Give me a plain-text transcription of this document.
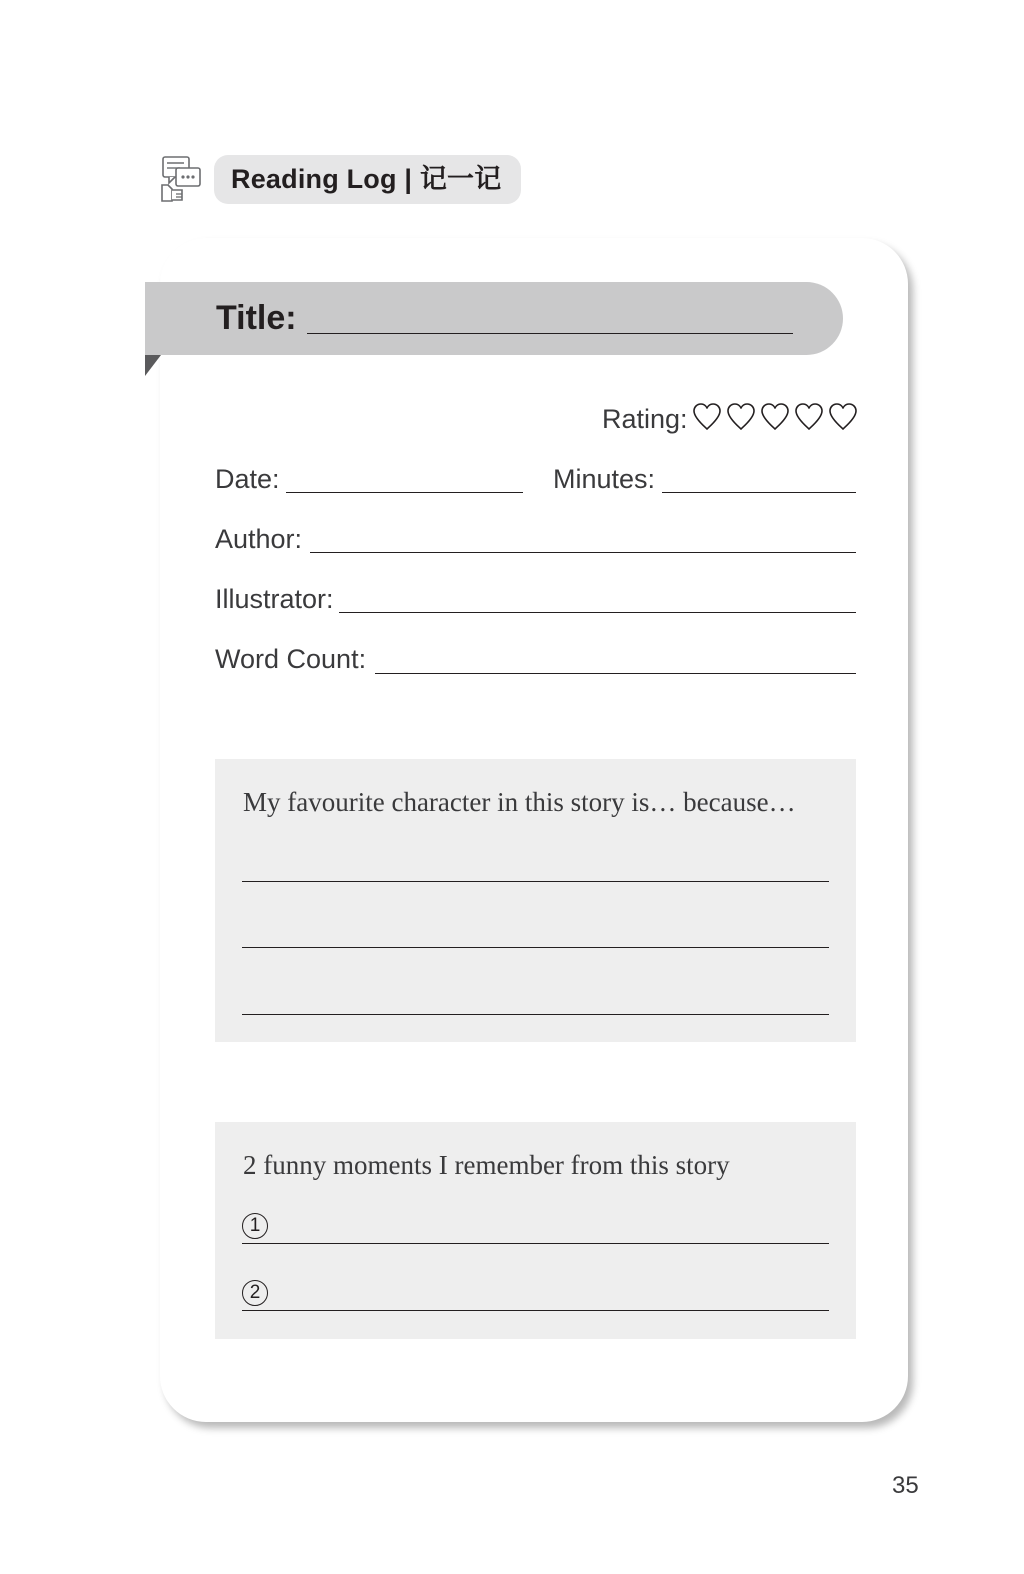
Reading Log | 记一记
Title:
Rating:
Date:	Minutes:
Author:
Illustrator:
Word Count:
My favourite character in this story is… because…
2 funny moments I remember from this story
1
2
35
